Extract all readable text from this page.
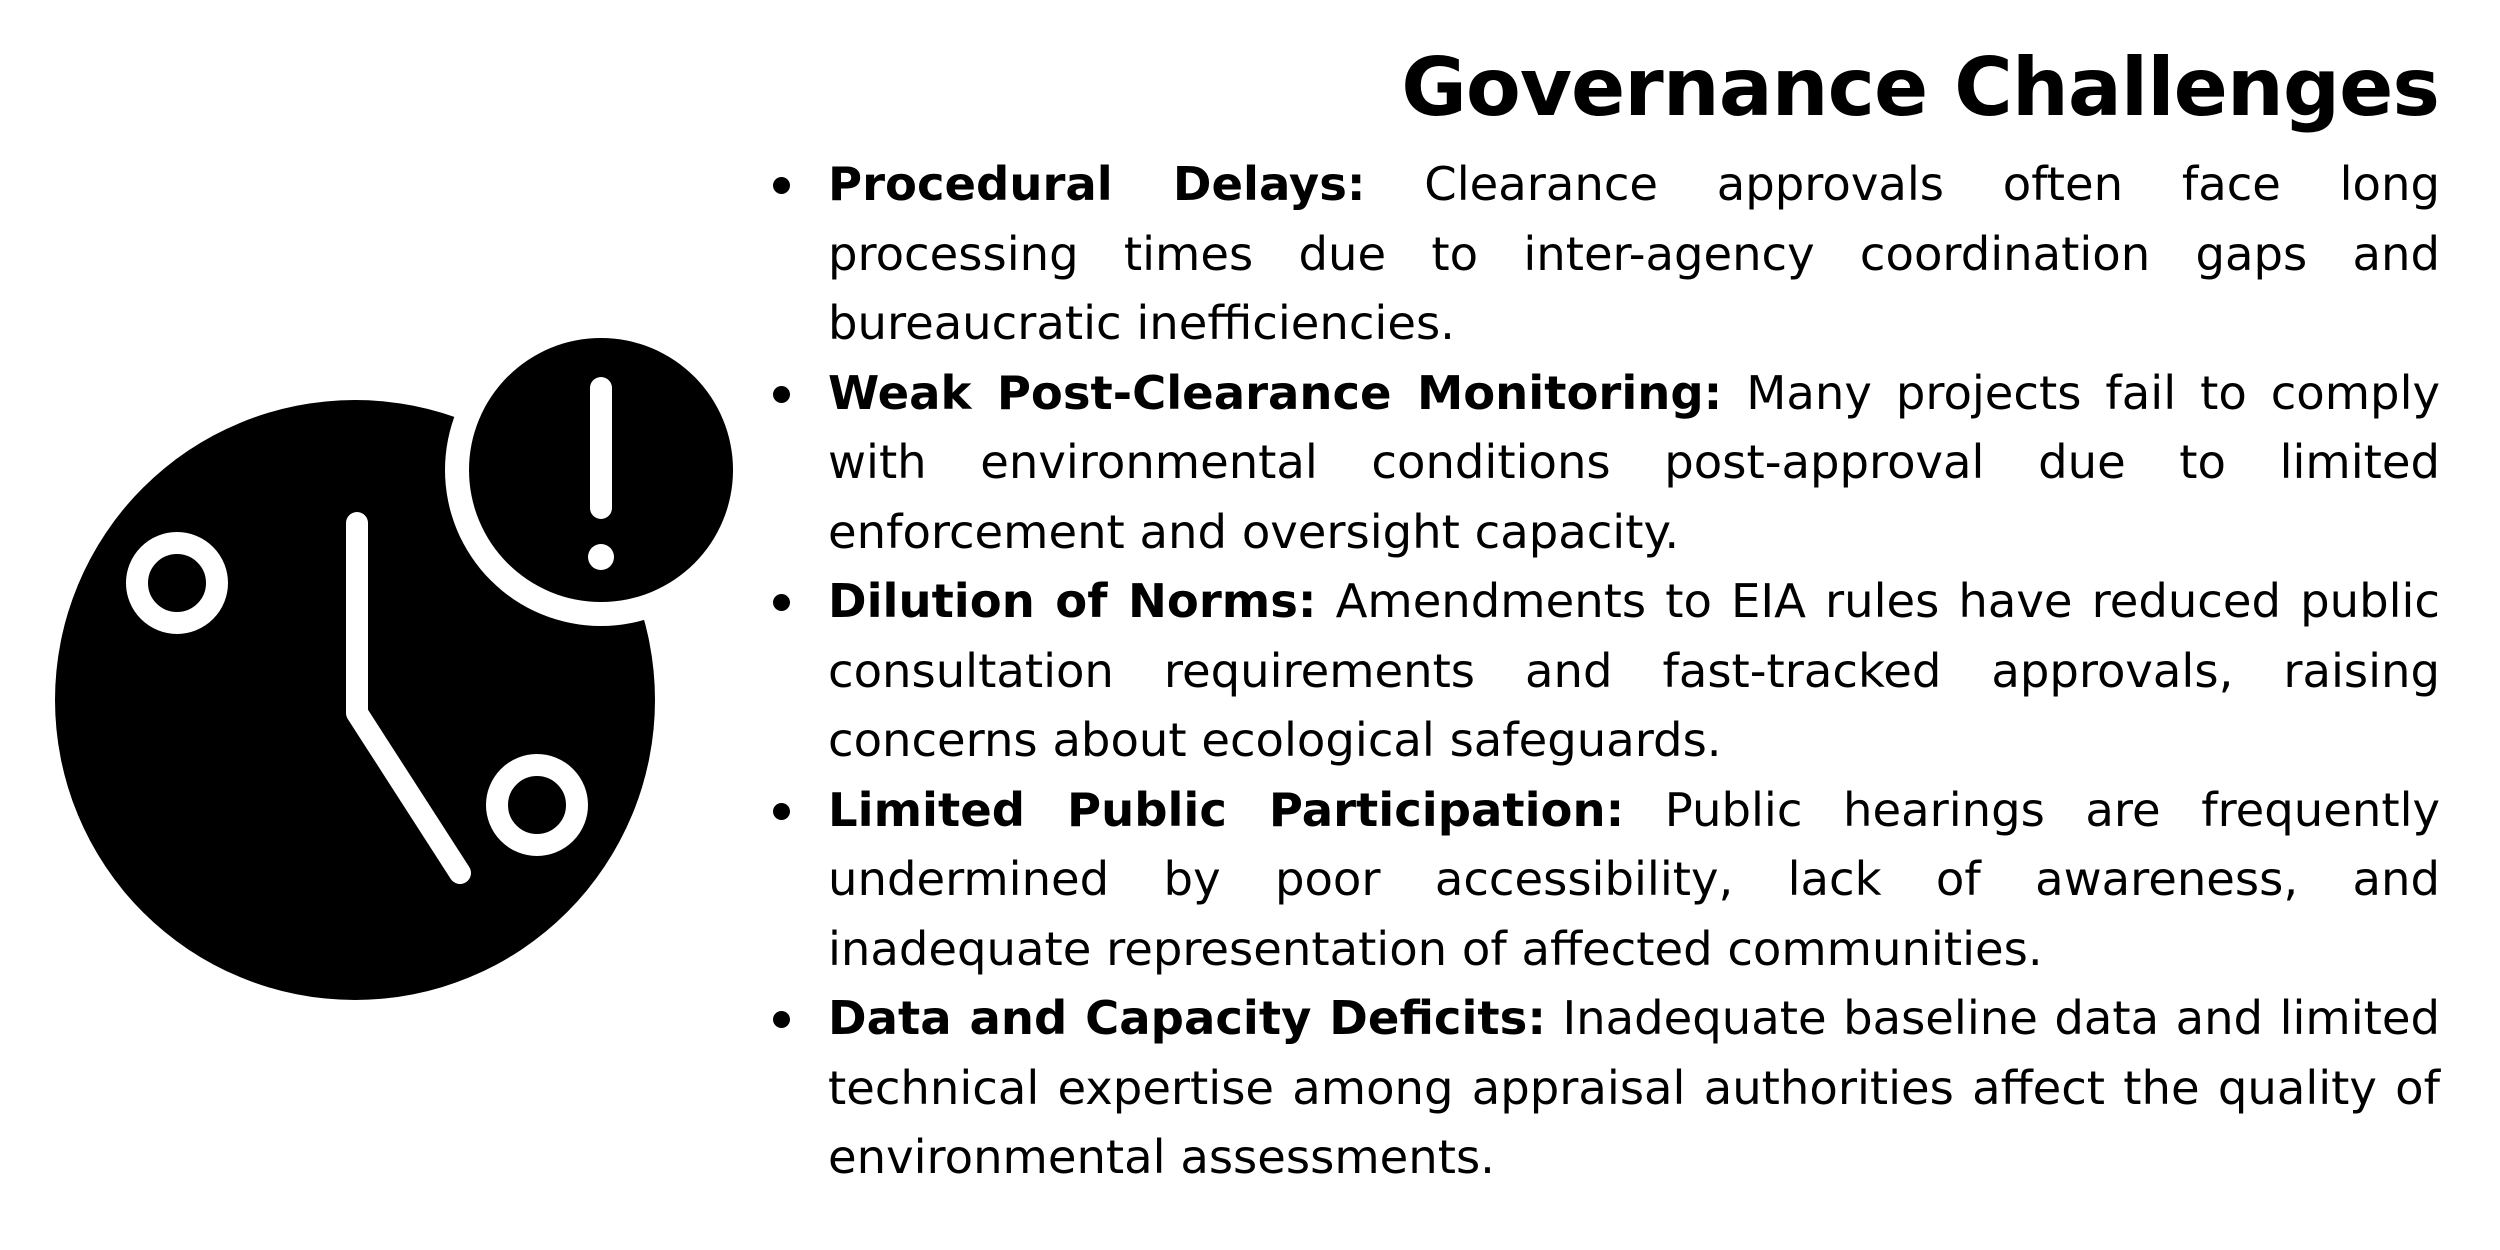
Governance Challenges
Procedural Delays: Clearance approvals often face long processing times due to inter-agency coordination gaps and bureaucratic inefficiencies.
Weak Post-Clearance Monitoring: Many projects fail to comply with environmental conditions post-approval due to limited enforcement and oversight capacity.
Dilution of Norms: Amendments to EIA rules have reduced public consultation requirements and fast-tracked approvals, raising concerns about ecological safeguards.
Limited Public Participation: Public hearings are frequently undermined by poor accessibility, lack of awareness, and inadequate representation of affected communities.
Data and Capacity Deficits: Inadequate baseline data and limited technical expertise among appraisal authorities affect the quality of environmental assessments.
